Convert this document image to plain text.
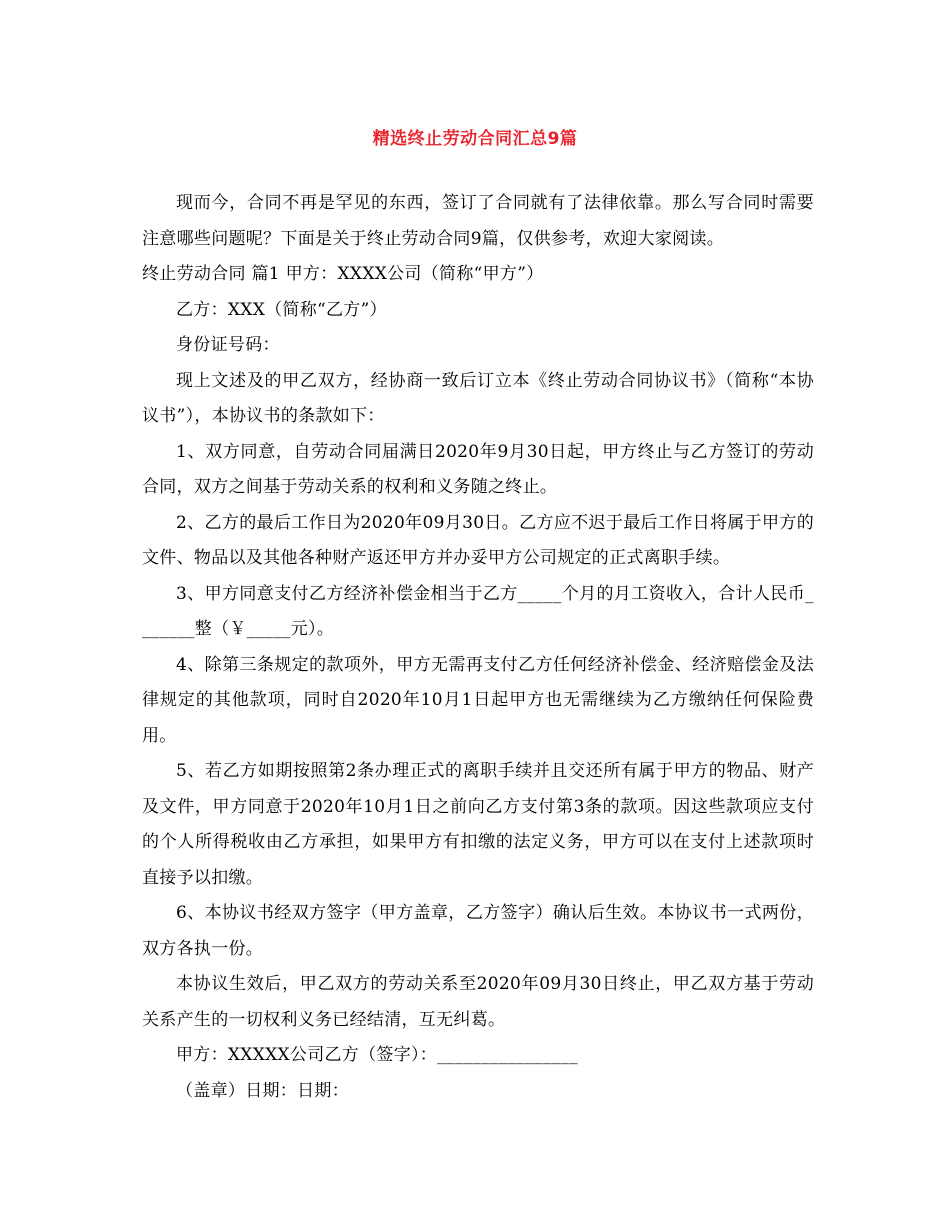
精选终止劳动合同汇总9篇

现而今，合同不再是罕见的东西，签订了合同就有了法律依靠。那么写合同时需要注意哪些问题呢？下面是关于终止劳动合同9篇，仅供参考，欢迎大家阅读。

终止劳动合同 篇1 甲方：XXXX公司（简称“甲方”）

乙方：XXX（简称“乙方”）

身份证号码：

现上文述及的甲乙双方，经协商一致后订立本《终止劳动合同协议书》（简称“本协议书”），本协议书的条款如下：

1、双方同意，自劳动合同届满日2020年9月30日起，甲方终止与乙方签订的劳动合同，双方之间基于劳动关系的权利和义务随之终止。

2、乙方的最后工作日为2020年09月30日。乙方应不迟于最后工作日将属于甲方的文件、物品以及其他各种财产返还甲方并办妥甲方公司规定的正式离职手续。

3、甲方同意支付乙方经济补偿金相当于乙方_____个月的月工资收入，合计人民币_______整（￥_____元）。

4、除第三条规定的款项外，甲方无需再支付乙方任何经济补偿金、经济赔偿金及法律规定的其他款项，同时自2020年10月1日起甲方也无需继续为乙方缴纳任何保险费用。

5、若乙方如期按照第2条办理正式的离职手续并且交还所有属于甲方的物品、财产及文件，甲方同意于2020年10月1日之前向乙方支付第3条的款项。因这些款项应支付的个人所得税收由乙方承担，如果甲方有扣缴的法定义务，甲方可以在支付上述款项时直接予以扣缴。

6、本协议书经双方签字（甲方盖章，乙方签字）确认后生效。本协议书一式两份，双方各执一份。

本协议生效后，甲乙双方的劳动关系至2020年09月30日终止，甲乙双方基于劳动关系产生的一切权利义务已经结清，互无纠葛。

甲方：XXXXX公司乙方（签字）：________________

（盖章）日期：日期：
